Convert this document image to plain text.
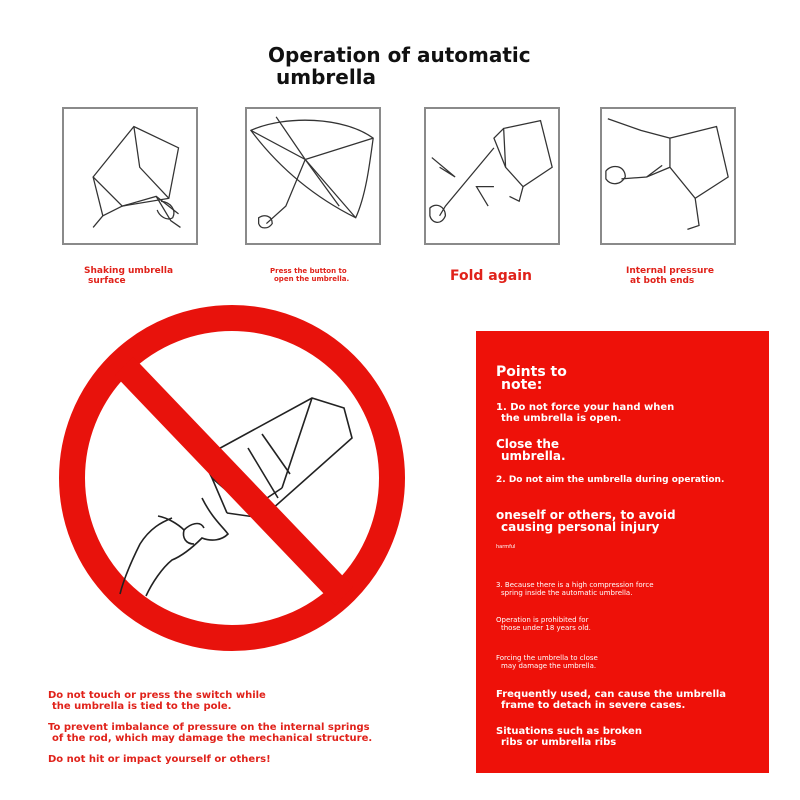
Operation of automatic
umbrella
Shaking umbrella
surface
Press the button to
open the umbrella.	Fold again	Internal pressure
at both ends
Do not touch or press the switch while
the umbrella is tied to the pole.
To prevent imbalance of pressure on the internal springs
of the rod, which may damage the mechanical structure.
Do not hit or impact yourself or others!
Points to
note:
1. Do not force your hand when
the umbrella is open.
Close the
umbrella.
2. Do not aim the umbrella during operation.
oneself or others, to avoid
causing personal injury
harmful
3. Because there is a high compression force
spring inside the automatic umbrella.
Operation is prohibited for
those under 18 years old.
Forcing the umbrella to close
may damage the umbrella.
Frequently used, can cause the umbrella
frame to detach in severe cases.
Situations such as broken
ribs or umbrella ribs
